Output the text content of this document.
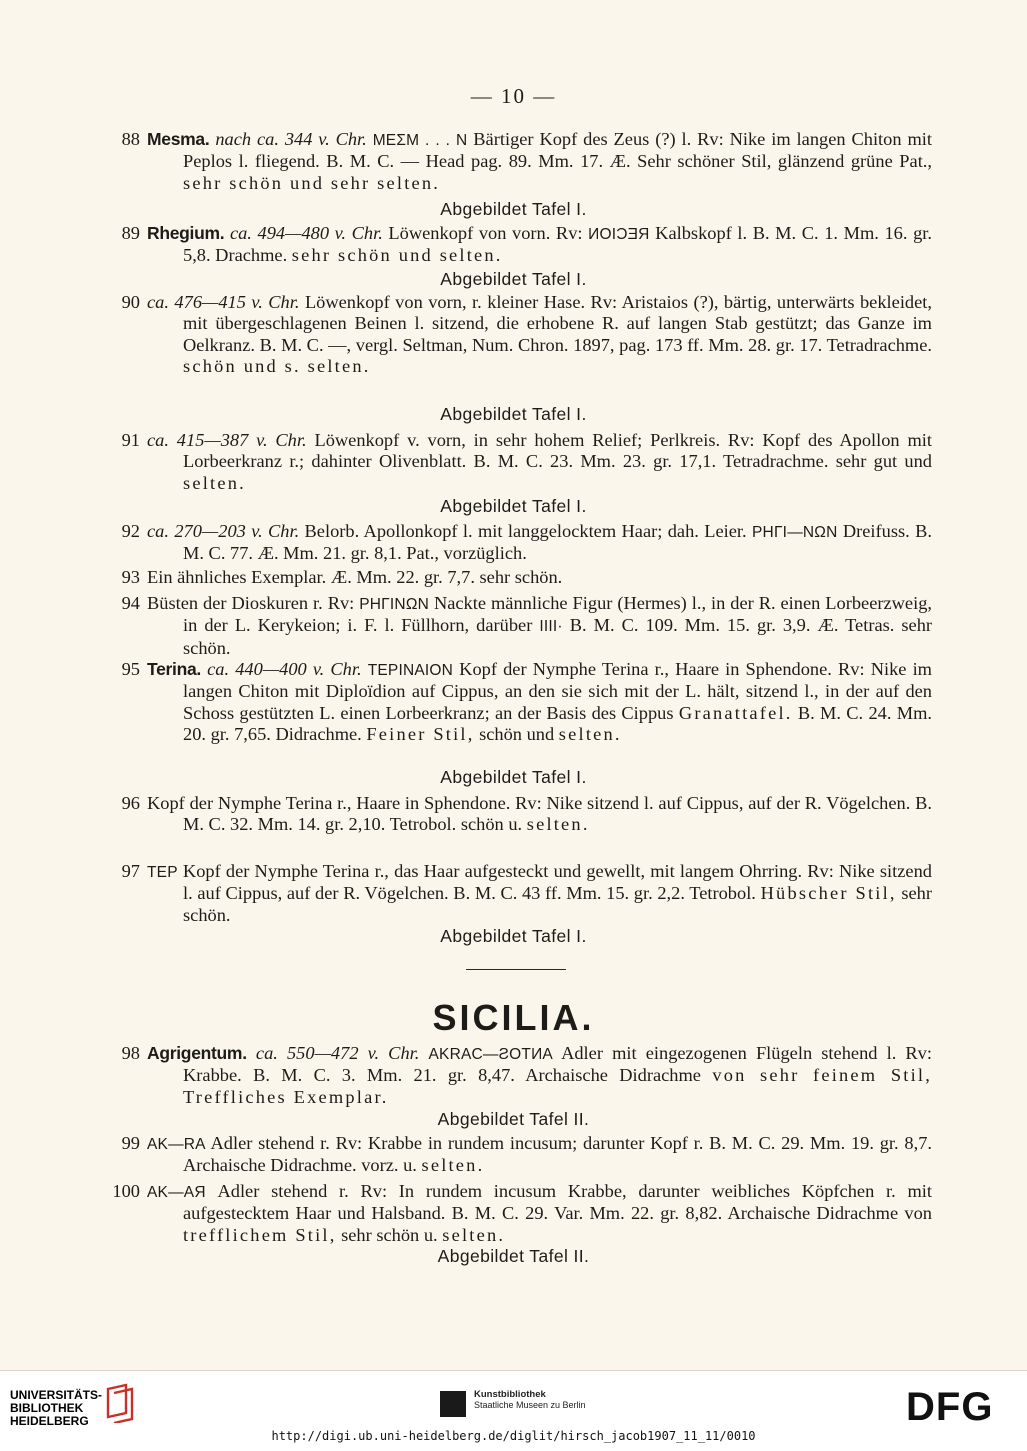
— 10 —
88 Mesma. nach ca. 344 v. Chr. ΜΕΣΜ . . . Ν Bärtiger Kopf des Zeus (?) l. Rv: Nike im langen Chiton mit Peplos l. fliegend. B. M. C. — Head pag. 89. Mm. 17. Æ. Sehr schöner Stil, glänzend grüne Pat., sehr schön und sehr selten.
Abgebildet Tafel I.
89 Rhegium. ca. 494—480 v. Chr. Löwenkopf von vorn. Rv: ИOIƆƎЯ Kalbskopf l. B. M. C. 1. Mm. 16. gr. 5,8. Drachme. sehr schön und selten.
Abgebildet Tafel I.
90 ca. 476—415 v. Chr. Löwenkopf von vorn, r. kleiner Hase. Rv: Aristaios (?), bärtig, unterwärts bekleidet, mit übergeschlagenen Beinen l. sitzend, die erhobene R. auf langen Stab gestützt; das Ganze im Oelkranz. B. M. C. —, vergl. Seltman, Num. Chron. 1897, pag. 173 ff. Mm. 28. gr. 17. Tetradrachme. schön und s. selten.
Abgebildet Tafel I.
91 ca. 415—387 v. Chr. Löwenkopf v. vorn, in sehr hohem Relief; Perlkreis. Rv: Kopf des Apollon mit Lorbeerkranz r.; dahinter Olivenblatt. B. M. C. 23. Mm. 23. gr. 17,1. Tetradrachme. sehr gut und selten.
Abgebildet Tafel I.
92 ca. 270—203 v. Chr. Belorb. Apollonkopf l. mit langgelocktem Haar; dah. Leier. ΡΗΓΙ—ΝΩΝ Dreifuss. B. M. C. 77. Æ. Mm. 21. gr. 8,1. Pat., vorzüglich.
93 Ein ähnliches Exemplar. Æ. Mm. 22. gr. 7,7. sehr schön.
94 Büsten der Dioskuren r. Rv: ΡΗΓΙΝΩΝ Nackte männliche Figur (Hermes) l., in der R. einen Lorbeerzweig, in der L. Kerykeion; i. F. l. Füllhorn, darüber IIII· B. M. C. 109. Mm. 15. gr. 3,9. Æ. Tetras. sehr schön.
95 Terina. ca. 440—400 v. Chr. ΤΕΡΙΝΑΙΟΝ Kopf der Nymphe Terina r., Haare in Sphendone. Rv: Nike im langen Chiton mit Diploïdion auf Cippus, an den sie sich mit der L. hält, sitzend l., in der auf den Schoss gestützten L. einen Lorbeerkranz; an der Basis des Cippus Granattafel. B. M. C. 24. Mm. 20. gr. 7,65. Didrachme. Feiner Stil, schön und selten.
Abgebildet Tafel I.
96 Kopf der Nymphe Terina r., Haare in Sphendone. Rv: Nike sitzend l. auf Cippus, auf der R. Vögelchen. B. M. C. 32. Mm. 14. gr. 2,10. Tetrobol. schön u. selten.
97 ΤΕΡ Kopf der Nymphe Terina r., das Haar aufgesteckt und gewellt, mit langem Ohrring. Rv: Nike sitzend l. auf Cippus, auf der R. Vögelchen. B. M. C. 43 ff. Mm. 15. gr. 2,2. Tetrobol. Hübscher Stil, sehr schön.
Abgebildet Tafel I.
SICILIA.
98 Agrigentum. ca. 550—472 v. Chr. AKRAC—ƧOTИA Adler mit eingezogenen Flügeln stehend l. Rv: Krabbe. B. M. C. 3. Mm. 21. gr. 8,47. Archaische Didrachme von sehr feinem Stil, Treffliches Exemplar.
Abgebildet Tafel II.
99 AK—RA Adler stehend r. Rv: Krabbe in rundem incusum; darunter Kopf r. B. M. C. 29. Mm. 19. gr. 8,7. Archaische Didrachme. vorz. u. selten.
100 AK—AЯ Adler stehend r. Rv: In rundem incusum Krabbe, darunter weibliches Köpfchen r. mit aufgestecktem Haar und Halsband. B. M. C. 29. Var. Mm. 22. gr. 8,82. Archaische Didrachme von trefflichem Stil, sehr schön u. selten.
Abgebildet Tafel II.
UNIVERSITÄTS-
BIBLIOTHEK
HEIDELBERG
Kunstbibliothek
Staatliche Museen zu Berlin	DFG
http://digi.ub.uni-heidelberg.de/diglit/hirsch_jacob1907_11_11/0010
